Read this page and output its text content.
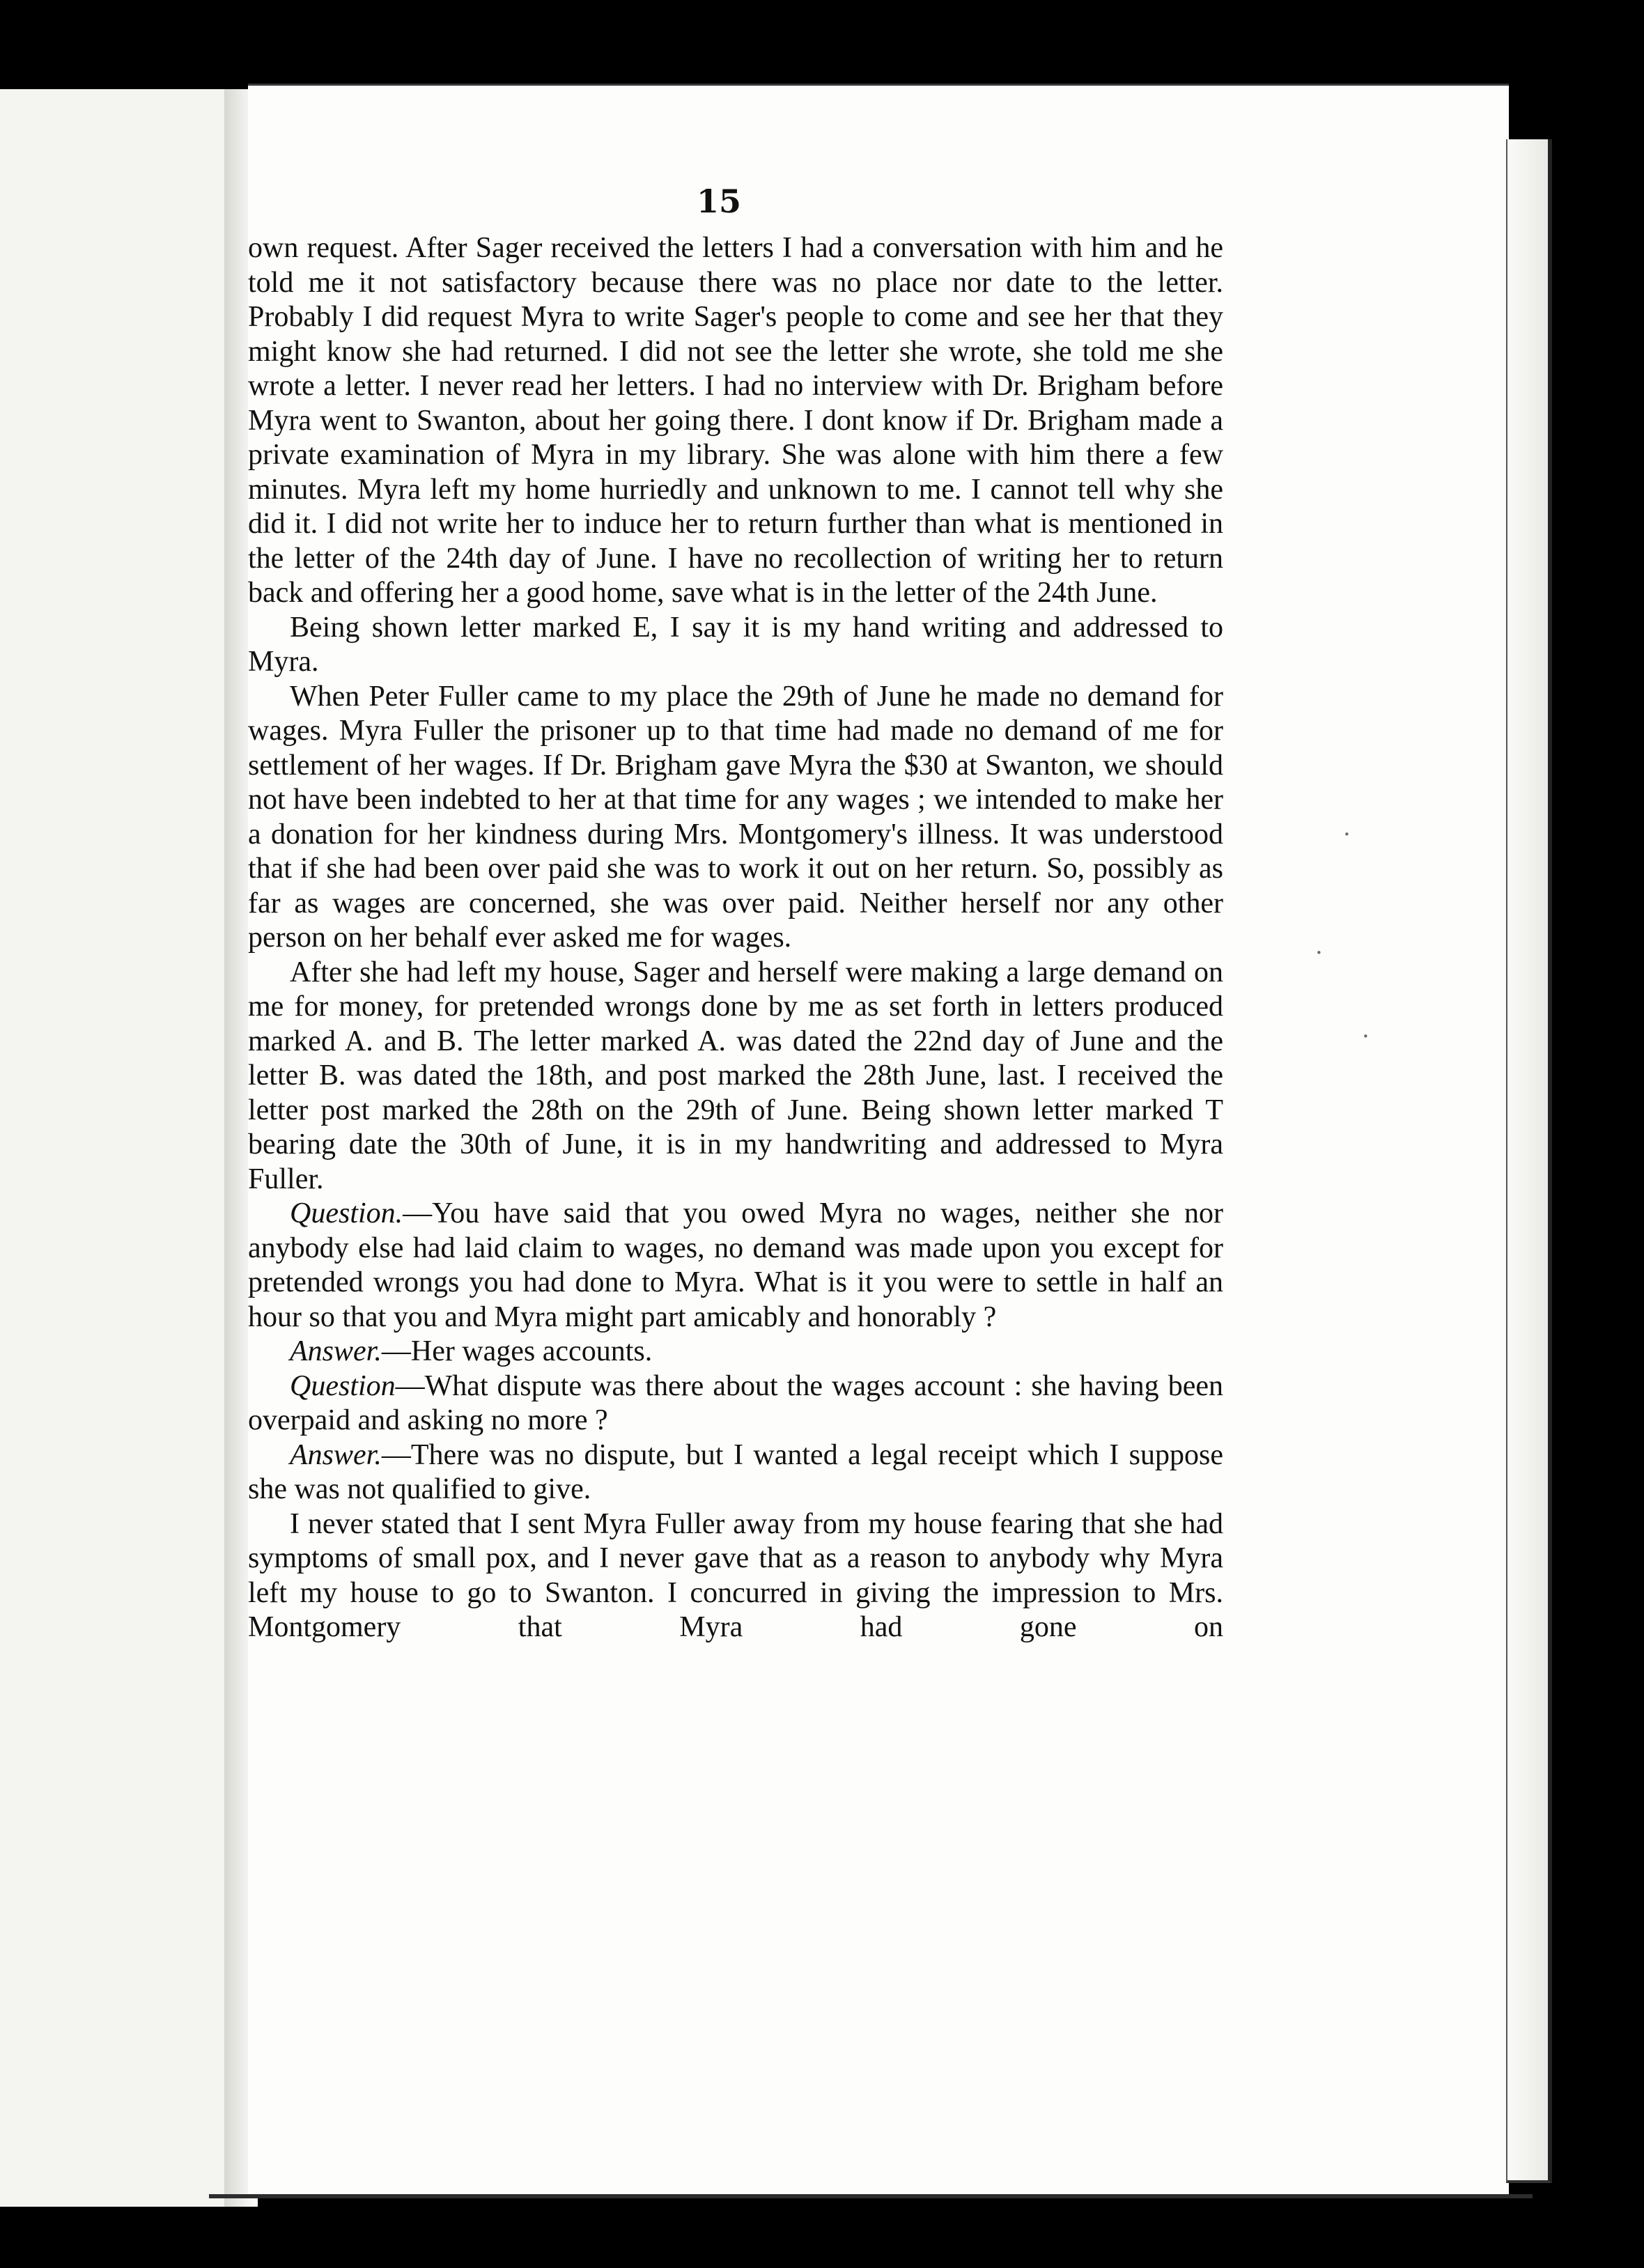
15
·
·
·

own request. After Sager received the letters I had a conversation with him and he told me it not satisfactory because there was no place nor date to the letter. Probably I did request Myra to write Sager's people to come and see her that they might know she had returned. I did not see the letter she wrote, she told me she wrote a letter. I never read her letters. I had no interview with Dr. Brigham before Myra went to Swanton, about her going there. I dont know if Dr. Brigham made a private examination of Myra in my library. She was alone with him there a few minutes. Myra left my home hurriedly and unknown to me. I cannot tell why she did it. I did not write her to induce her to return further than what is mentioned in the letter of the 24th day of June. I have no recollection of writing her to return back and offering her a good home, save what is in the letter of the 24th June.

Being shown letter marked E, I say it is my hand writing and addressed to Myra.

When Peter Fuller came to my place the 29th of June he made no demand for wages. Myra Fuller the prisoner up to that time had made no demand of me for settlement of her wages. If Dr. Brigham gave Myra the $30 at Swanton, we should not have been indebted to her at that time for any wages ; we intended to make her a donation for her kindness during Mrs. Montgomery's illness. It was understood that if she had been over paid she was to work it out on her return. So, possibly as far as wages are concerned, she was over paid. Neither herself nor any other person on her behalf ever asked me for wages.

After she had left my house, Sager and herself were making a large demand on me for money, for pretended wrongs done by me as set forth in letters produced marked A. and B. The letter marked A. was dated the 22nd day of June and the letter B. was dated the 18th, and post marked the 28th June, last. I received the letter post marked the 28th on the 29th of June. Being shown letter marked T bearing date the 30th of June, it is in my handwriting and addressed to Myra Fuller.

Question.—You have said that you owed Myra no wages, neither she nor anybody else had laid claim to wages, no demand was made upon you except for pretended wrongs you had done to Myra. What is it you were to settle in half an hour so that you and Myra might part amicably and honorably ?

Answer.—Her wages accounts.

Question—What dispute was there about the wages account : she having been overpaid and asking no more ?

Answer.—There was no dispute, but I wanted a legal receipt which I suppose she was not qualified to give.

I never stated that I sent Myra Fuller away from my house fearing that she had symptoms of small pox, and I never gave that as a reason to anybody why Myra left my house to go to Swanton. I concurred in giving the impression to Mrs. Montgomery that Myra had gone on
